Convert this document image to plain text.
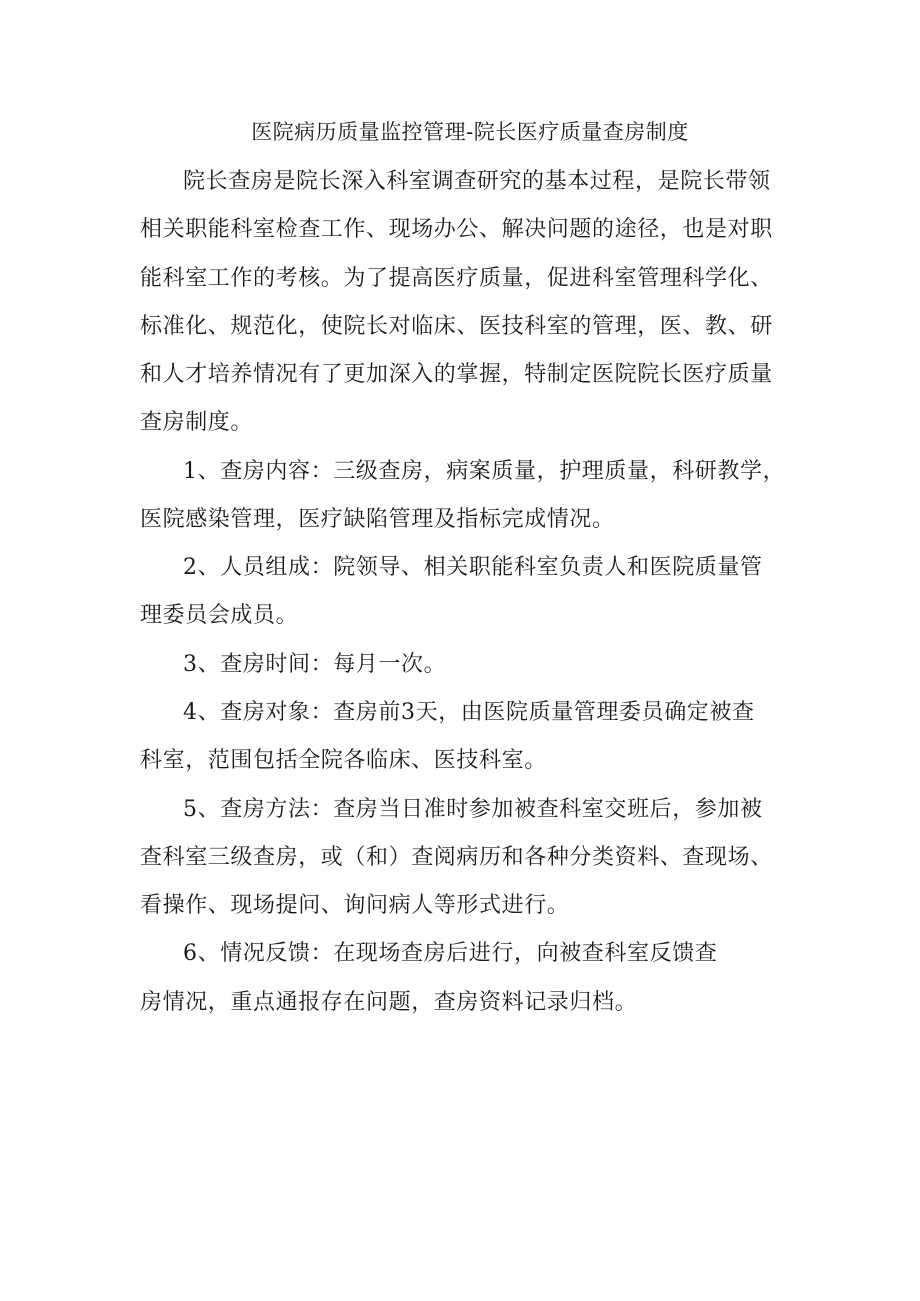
医院病历质量监控管理-院长医疗质量查房制度
院长查房是院长深入科室调查研究的基本过程，是院长带领
相关职能科室检查工作、现场办公、解决问题的途径，也是对职
能科室工作的考核。为了提高医疗质量，促进科室管理科学化、
标准化、规范化，使院长对临床、医技科室的管理，医、教、研
和人才培养情况有了更加深入的掌握，特制定医院院长医疗质量
查房制度。
1、查房内容：三级查房，病案质量，护理质量，科研教学，
医院感染管理，医疗缺陷管理及指标完成情况。
2、人员组成：院领导、相关职能科室负责人和医院质量管
理委员会成员。
3、查房时间：每月一次。
4、查房对象：查房前3天，由医院质量管理委员确定被查
科室，范围包括全院各临床、医技科室。
5、查房方法：查房当日准时参加被查科室交班后，参加被
查科室三级查房，或（和）查阅病历和各种分类资料、查现场、
看操作、现场提问、询问病人等形式进行。
6、情况反馈：在现场查房后进行，向被查科室反馈查
房情况，重点通报存在问题，查房资料记录归档。
